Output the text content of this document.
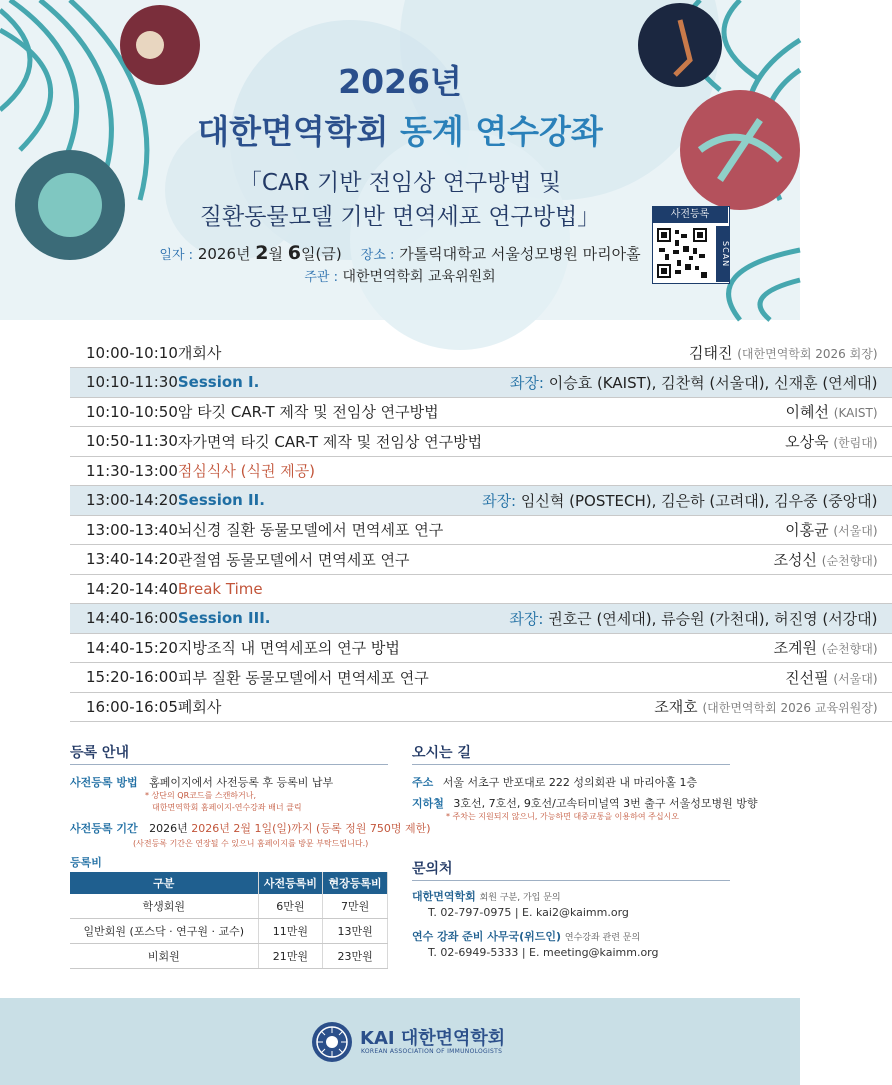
2026년
대한면역학회 동계 연수강좌
「CAR 기반 전임상 연구방법 및
질환동물모델 기반 면역세포 연구방법」
일자 : 2026년 2월 6일(금) 장소 : 가톨릭대학교 서울성모병원 마리아홀
주관 : 대한면역학회 교육위원회
사전등록
SCAN
10:00-10:10	개회사	김태진 (대한면역학회 2026 회장)
10:10-11:30	Session I.	좌장: 이승효 (KAIST), 김찬혁 (서울대), 신재훈 (연세대)
10:10-10:50	암 타깃 CAR-T 제작 및 전임상 연구방법	이혜선 (KAIST)
10:50-11:30	자가면역 타깃 CAR-T 제작 및 전임상 연구방법	오상욱 (한림대)
11:30-13:00	점심식사 (식권 제공)	
13:00-14:20	Session II.	좌장: 임신혁 (POSTECH), 김은하 (고려대), 김우중 (중앙대)
13:00-13:40	뇌신경 질환 동물모델에서 면역세포 연구	이홍균 (서울대)
13:40-14:20	관절염 동물모델에서 면역세포 연구	조성신 (순천향대)
14:20-14:40	Break Time	
14:40-16:00	Session III.	좌장: 권호근 (연세대), 류승원 (가천대), 허진영 (서강대)
14:40-15:20	지방조직 내 면역세포의 연구 방법	조계원 (순천향대)
15:20-16:00	피부 질환 동물모델에서 면역세포 연구	진선필 (서울대)
16:00-16:05	폐회사	조재호 (대한면역학회 2026 교육위원장)
등록 안내
사전등록 방법 홈페이지에서 사전등록 후 등록비 납부
* 상단의 QR코드를 스캔하거나,
대한면역학회 홈페이지-연수강좌 배너 클릭
사전등록 기간 2026년 2026년 2월 1일(일)까지 (등록 정원 750명 제한)
(사전등록 기간은 연장될 수 있으니 홈페이지를 방문 부탁드립니다.)
등록비
구분	사전등록비	현장등록비
학생회원	6만원	7만원
일반회원 (포스닥 · 연구원 · 교수)	11만원	13만원
비회원	21만원	23만원
오시는 길
주소 서울 서초구 반포대로 222 성의회관 내 마리아홀 1층
지하철 3호선, 7호선, 9호선/고속터미널역 3번 출구 서울성모병원 방향
* 주차는 지원되지 않으니, 가능하면 대중교통을 이용하여 주십시오
문의처
대한면역학회 회원 구분, 가입 문의
T. 02-797-0975 | E. kai2@kaimm.org
연수 강좌 준비 사무국(위드인) 연수강좌 관련 문의
T. 02-6949-5333 | E. meeting@kaimm.org
KAI 대한면역학회
KOREAN ASSOCIATION OF IMMUNOLOGISTS
